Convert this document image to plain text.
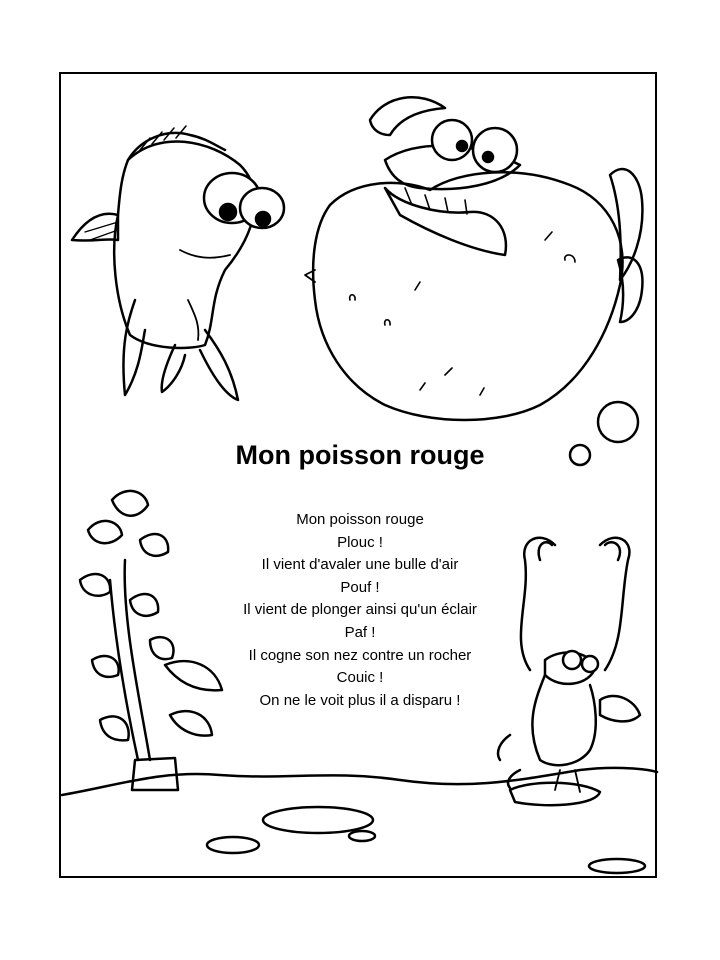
Mon poisson rouge
Mon poisson rouge
Plouc !
Il vient d'avaler une bulle d'air
Pouf !
Il vient de plonger ainsi qu'un éclair
Paf !
Il cogne son nez contre un rocher
Couic !
On ne le voit plus il a disparu !
